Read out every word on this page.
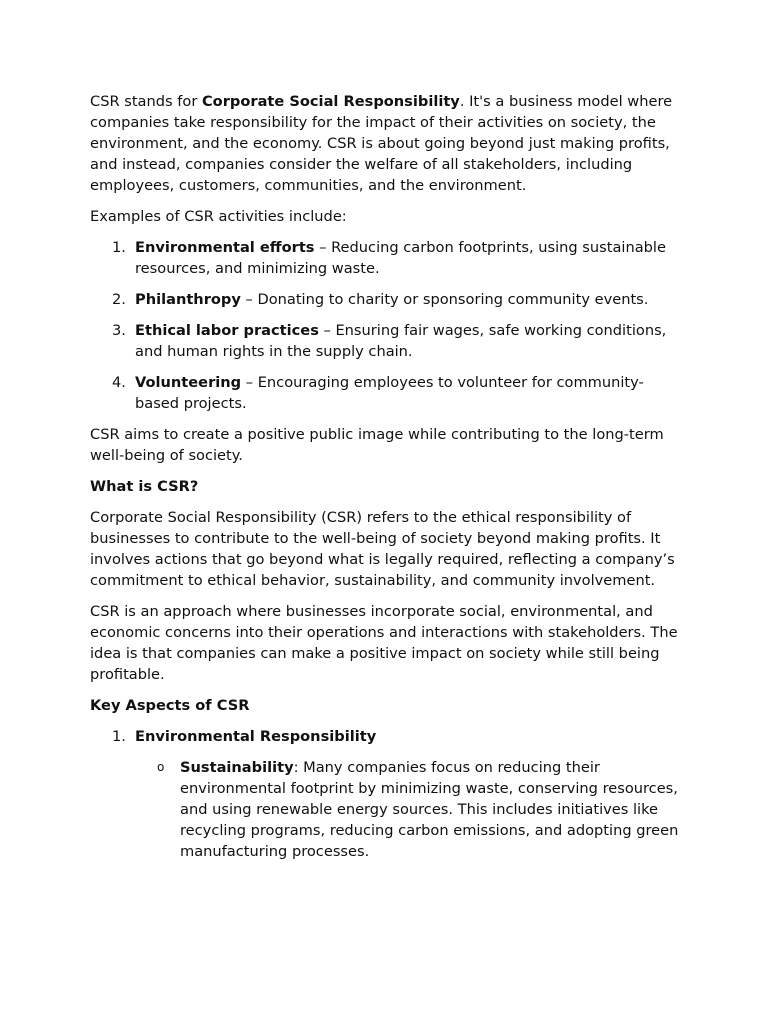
CSR stands for Corporate Social Responsibility. It's a business model where companies take responsibility for the impact of their activities on society, the environment, and the economy. CSR is about going beyond just making profits, and instead, companies consider the welfare of all stakeholders, including employees, customers, communities, and the environment.

Examples of CSR activities include:

1. Environmental efforts – Reducing carbon footprints, using sustainable resources, and minimizing waste.
2. Philanthropy – Donating to charity or sponsoring community events.
3. Ethical labor practices – Ensuring fair wages, safe working conditions, and human rights in the supply chain.
4. Volunteering – Encouraging employees to volunteer for community-based projects.

CSR aims to create a positive public image while contributing to the long-term well-being of society.

What is CSR?

Corporate Social Responsibility (CSR) refers to the ethical responsibility of businesses to contribute to the well-being of society beyond making profits. It involves actions that go beyond what is legally required, reflecting a company’s commitment to ethical behavior, sustainability, and community involvement.

CSR is an approach where businesses incorporate social, environmental, and economic concerns into their operations and interactions with stakeholders. The idea is that companies can make a positive impact on society while still being profitable.

Key Aspects of CSR

1. Environmental Responsibility
o Sustainability: Many companies focus on reducing their environmental footprint by minimizing waste, conserving resources, and using renewable energy sources. This includes initiatives like recycling programs, reducing carbon emissions, and adopting green manufacturing processes.
